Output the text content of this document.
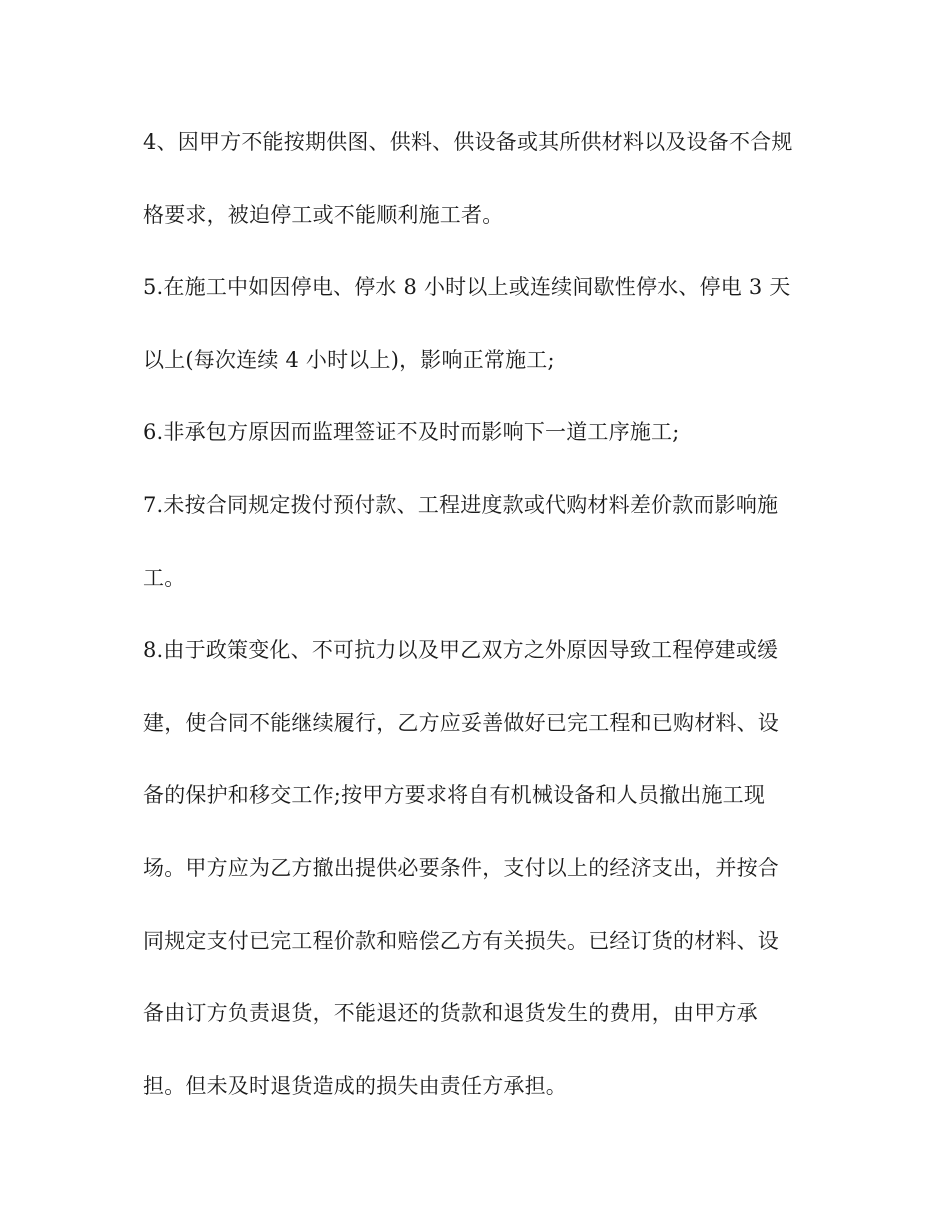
4、因甲方不能按期供图、供料、供设备或其所供材料以及设备不合规
格要求，被迫停工或不能顺利施工者。
5.在施工中如因停电、停水 8 小时以上或连续间歇性停水、停电 3 天
以上(每次连续 4 小时以上)，影响正常施工;
6.非承包方原因而监理签证不及时而影响下一道工序施工;
7.未按合同规定拨付预付款、工程进度款或代购材料差价款而影响施
工。
8.由于政策变化、不可抗力以及甲乙双方之外原因导致工程停建或缓
建，使合同不能继续履行，乙方应妥善做好已完工程和已购材料、设
备的保护和移交工作;按甲方要求将自有机械设备和人员撤出施工现
场。甲方应为乙方撤出提供必要条件，支付以上的经济支出，并按合
同规定支付已完工程价款和赔偿乙方有关损失。已经订货的材料、设
备由订方负责退货，不能退还的货款和退货发生的费用，由甲方承
担。但未及时退货造成的损失由责任方承担。
